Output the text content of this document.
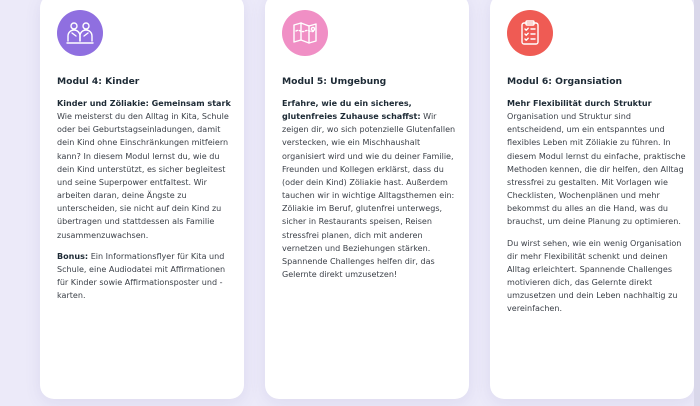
Modul 4: Kinder

Kinder und Zöliakie: Gemeinsam stark
Wie meisterst du den Alltag in Kita, Schule oder bei Geburtstagseinladungen, damit dein Kind ohne Einschränkungen mitfeiern kann? In diesem Modul lernst du, wie du dein Kind unterstützt, es sicher begleitest und seine Superpower entfaltest. Wir arbeiten daran, deine Ängste zu unterscheiden, sie nicht auf dein Kind zu übertragen und stattdessen als Familie zusammenzuwachsen.

Bonus: Ein Informationsflyer für Kita und Schule, eine Audiodatei mit Affirmationen für Kinder sowie Affirmationsposter und -karten.

Modul 5: Umgebung

Erfahre, wie du ein sicheres, glutenfreies Zuhause schaffst: Wir zeigen dir, wo sich potenzielle Glutenfallen verstecken, wie ein Mischhaushalt organisiert wird und wie du deiner Familie, Freunden und Kollegen erklärst, dass du (oder dein Kind) Zöliakie hast. Außerdem tauchen wir in wichtige Alltagsthemen ein: Zöliakie im Beruf, glutenfrei unterwegs, sicher in Restaurants speisen, Reisen stressfrei planen, dich mit anderen vernetzen und Beziehungen stärken. Spannende Challenges helfen dir, das Gelernte direkt umzusetzen!

Modul 6: Organsiation

Mehr Flexibilität durch Struktur
Organisation und Struktur sind entscheidend, um ein entspanntes und flexibles Leben mit Zöliakie zu führen. In diesem Modul lernst du einfache, praktische Methoden kennen, die dir helfen, den Alltag stressfrei zu gestalten. Mit Vorlagen wie Checklisten, Wochenplänen und mehr bekommst du alles an die Hand, was du brauchst, um deine Planung zu optimieren.

Du wirst sehen, wie ein wenig Organisation dir mehr Flexibilität schenkt und deinen Alltag erleichtert. Spannende Challenges motivieren dich, das Gelernte direkt umzusetzen und dein Leben nachhaltig zu vereinfachen.
